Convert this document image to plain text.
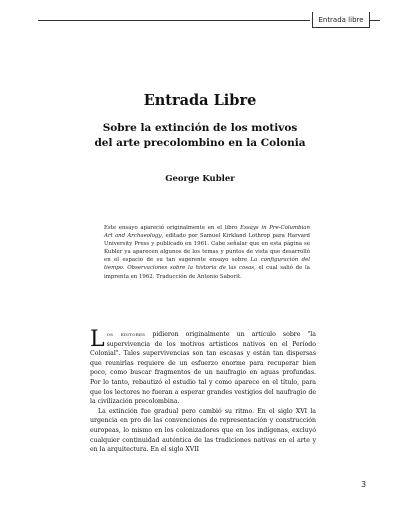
Entrada libre
Entrada Libre
Sobre la extinción de los motivos
del arte precolombino en la Colonia
George Kubler
Este ensayo apareció originalmente en el libro Essays in Pre-Columbian Art and Archaeology, editado por Samuel Kirkland Lothrop para Harvard University Press y publicado en 1961. Cabe señalar que en esta página se Kubler ya aparecen algunos de los temas y puntos de vista que desarrolló en el espacio de su tan sugerente ensayo sobre La configuración del tiempo. Observaciones sobre la historia de las cosas, el cual salió de la imprenta en 1962. Traducción de Antonio Saborit.

Los editores pidieron originalmente un artículo sobre "la supervivencia de los motivos artísticos nativos en el Período Colonial". Tales supervivencias son tan escasas y están tan dispersas que reunirlas requiere de un esfuerzo enorme para recuperar bien poco, como buscar fragmentos de un naufragio en aguas profundas. Por lo tanto, rebautizó el estudio tal y como aparece en el título, para que los lectores no fueran a esperar grandes vestigios del naufragio de la civilización precolombina.

La extinción fue gradual pero cambió su ritmo. En el siglo XVI la urgencia en pro de las convenciones de representación y construcción europeas, lo mismo en los colonizadores que en los indígenas, excluyó cualquier continuidad auténtica de las tradiciones nativas en el arte y en la arquitectura. En el siglo XVII

3
